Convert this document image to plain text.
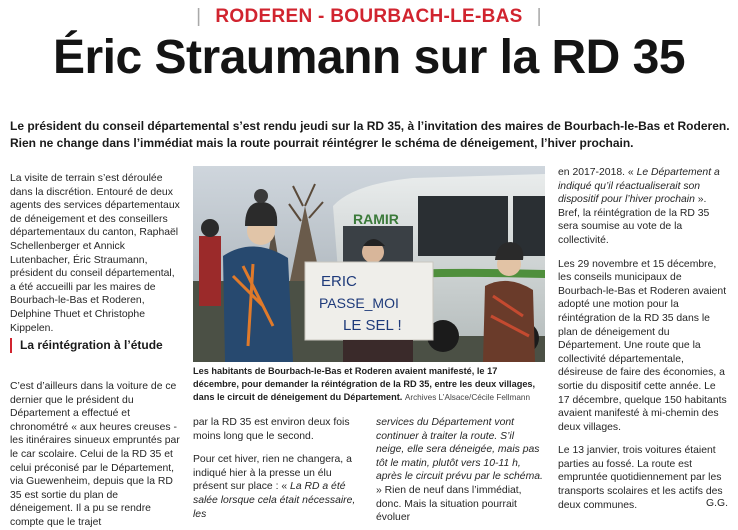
| RODEREN - BOURBACH-LE-BAS |
Éric Straumann sur la RD 35
Le président du conseil départemental s’est rendu jeudi sur la RD 35, à l’invitation des maires de Bourbach-le-Bas et Roderen. Rien ne change dans l’immédiat mais la route pourrait réintégrer le schéma de déneigement, l’hiver prochain.

La visite de terrain s’est déroulée dans la discrétion. Entouré de deux agents des services départementaux de déneigement et des conseillers départementaux du canton, Raphaël Schellenberger et Annick Lutenbacher, Éric Straumann, président du conseil départemental, a été accueilli par les maires de Bourbach-le-Bas et Roderen, Delphine Thuet et Christophe Kippelen.

La réintégration à l’étude

C’est d’ailleurs dans la voiture de ce dernier que le président du Département a effectué et chronométré « aux heures creuses - les itinéraires sinueux empruntés par le car scolaire. Celui de la RD 35 et celui préconisé par le Département, via Guewenheim, depuis que la RD 35 est sortie du plan de déneigement. Il a pu se rendre compte que le trajet

RAMIR
ERIC
PASSE_MOI
LE SEL !
Les habitants de Bourbach-le-Bas et Roderen avaient manifesté, le 17 décembre, pour demander la réintégration de la RD 35, entre les deux villages, dans le circuit de déneigement du Département. Archives L’Alsace/Cécile Fellmann

par la RD 35 est environ deux fois moins long que le second.

Pour cet hiver, rien ne changera, a indiqué hier à la presse un élu présent sur place : « La RD a été salée lorsque cela était nécessaire, les

services du Département vont continuer à traiter la route. S’il neige, elle sera déneigée, mais pas tôt le matin, plutôt vers 10-11 h, après le circuit prévu par le schéma. » Rien de neuf dans l’immédiat, donc. Mais la situation pourrait évoluer

en 2017-2018. « Le Département a indiqué qu’il réactualiserait son dispositif pour l’hiver prochain ». Bref, la réintégration de la RD 35 sera soumise au vote de la collectivité.

Les 29 novembre et 15 décembre, les conseils municipaux de Bourbach-le-Bas et Roderen avaient adopté une motion pour la réintégration de la RD 35 dans le plan de déneigement du Département. Une route que la collectivité départementale, désireuse de faire des économies, a sortie du dispositif cette année. Le 17 décembre, quelque 150 habitants avaient manifesté à mi-chemin des deux villages.

Le 13 janvier, trois voitures étaient parties au fossé. La route est empruntée quotidiennement par les transports scolaires et les actifs des deux communes.	G.G.
